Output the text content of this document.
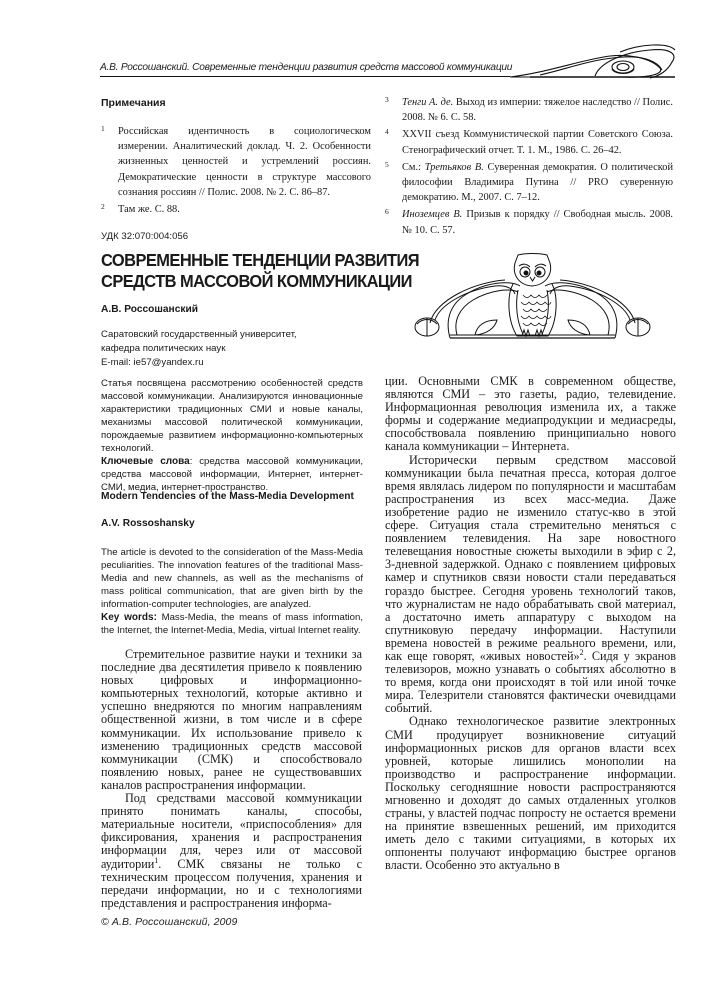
А.В. Россошанский. Современные тенденции развития средств массовой коммуникации
Примечания
1 Российская идентичность в социологическом измерении. Аналитический доклад. Ч. 2. Особенности жизненных ценностей и устремлений россиян. Демократические ценности в структуре массового сознания россиян // Полис. 2008. № 2. С. 86–87.
2 Там же. С. 88.
3 Тенги А. де. Выход из империи: тяжелое наследство // Полис. 2008. № 6. С. 58.
4 XXVII съезд Коммунистической партии Советского Союза. Стенографический отчет. Т. 1. М., 1986. С. 26–42.
5 См.: Третьяков В. Суверенная демократия. О политической философии Владимира Путина // PRO суверенную демократию. М., 2007. С. 7–12.
6 Иноземцев В. Призыв к порядку // Свободная мысль. 2008. № 10. С. 57.
УДК 32:070:004:056
СОВРЕМЕННЫЕ ТЕНДЕНЦИИ РАЗВИТИЯ
СРЕДСТВ МАССОВОЙ КОММУНИКАЦИИ
А.В. Россошанский
Саратовский государственный университет,
кафедра политических наук
E-mail: ie57@yandex.ru
Статья посвящена рассмотрению особенностей средств массовой коммуникации. Анализируются инновационные характеристики традиционных СМИ и новые каналы, механизмы массовой политической коммуникации, порождаемые развитием информационно-компьютерных технологий.
Ключевые слова: средства массовой коммуникации, средства массовой информации, Интернет, интернет-СМИ, медиа, интернет-пространство.
Modern Tendencies of the Mass-Media Development
A.V. Rossoshansky
The article is devoted to the consideration of the Mass-Media peculiarities. The innovation features of the traditional Mass-Media and new channels, as well as the mechanisms of mass political communication, that are given birth by the information-computer technologies, are analyzed.
Key words: Mass-Media, the means of mass information, the Internet, the Internet-Media, Media, virtual Internet reality.

Стремительное развитие науки и техники за последние два десятилетия привело к появлению новых цифровых и информационно-компьютерных технологий, которые активно и успешно внедряются по многим направлениям общественной жизни, в том числе и в сфере коммуникации. Их использование привело к изменению традиционных средств массовой коммуникации (СМК) и способствовало появлению новых, ранее не существовавших каналов распространения информации.

Под средствами массовой коммуникации принято понимать каналы, способы, материальные носители, «приспособления» для фиксирования, хранения и распространения информации для, через или от массовой аудитории$^1$. СМК связаны не только с техническим процессом получения, хранения и передачи информации, но и с технологиями представления и распространения информа-

ции. Основными СМК в современном обществе, являются СМИ – это газеты, радио, телевидение. Информационная революция изменила их, а также формы и содержание медиапродукции и медиасреды, способствовала появлению принципиально нового канала коммуникации – Интернета.

Исторически первым средством массовой коммуникации была печатная пресса, которая долгое время являлась лидером по популярности и масштабам распространения из всех масс-медиа. Даже изобретение радио не изменило статус-кво в этой сфере. Ситуация стала стремительно меняться с появлением телевидения. На заре новостного телевещания новостные сюжеты выходили в эфир с 2, 3-дневной задержкой. Однако с появлением цифровых камер и спутников связи новости стали передаваться гораздо быстрее. Сегодня уровень технологий таков, что журналистам не надо обрабатывать свой материал, а достаточно иметь аппаратуру с выходом на спутниковую передачу информации. Наступили времена новостей в режиме реального времени, или, как еще говорят, «живых новостей»$^2$. Сидя у экранов телевизоров, можно узнавать о событиях абсолютно в то время, когда они происходят в той или иной точке мира. Телезрители становятся фактически очевидцами событий.

Однако технологическое развитие электронных СМИ продуцирует возникновение ситуаций информационных рисков для органов власти всех уровней, которые лишились монополии на производство и распространение информации. Поскольку сегодняшние новости распространяются мгновенно и доходят до самых отдаленных уголков страны, у властей подчас попросту не остается времени на принятие взвешенных решений, им приходится иметь дело с такими ситуациями, в которых их оппоненты получают информацию быстрее органов власти. Особенно это актуально в

© А.В. Россошанский, 2009
